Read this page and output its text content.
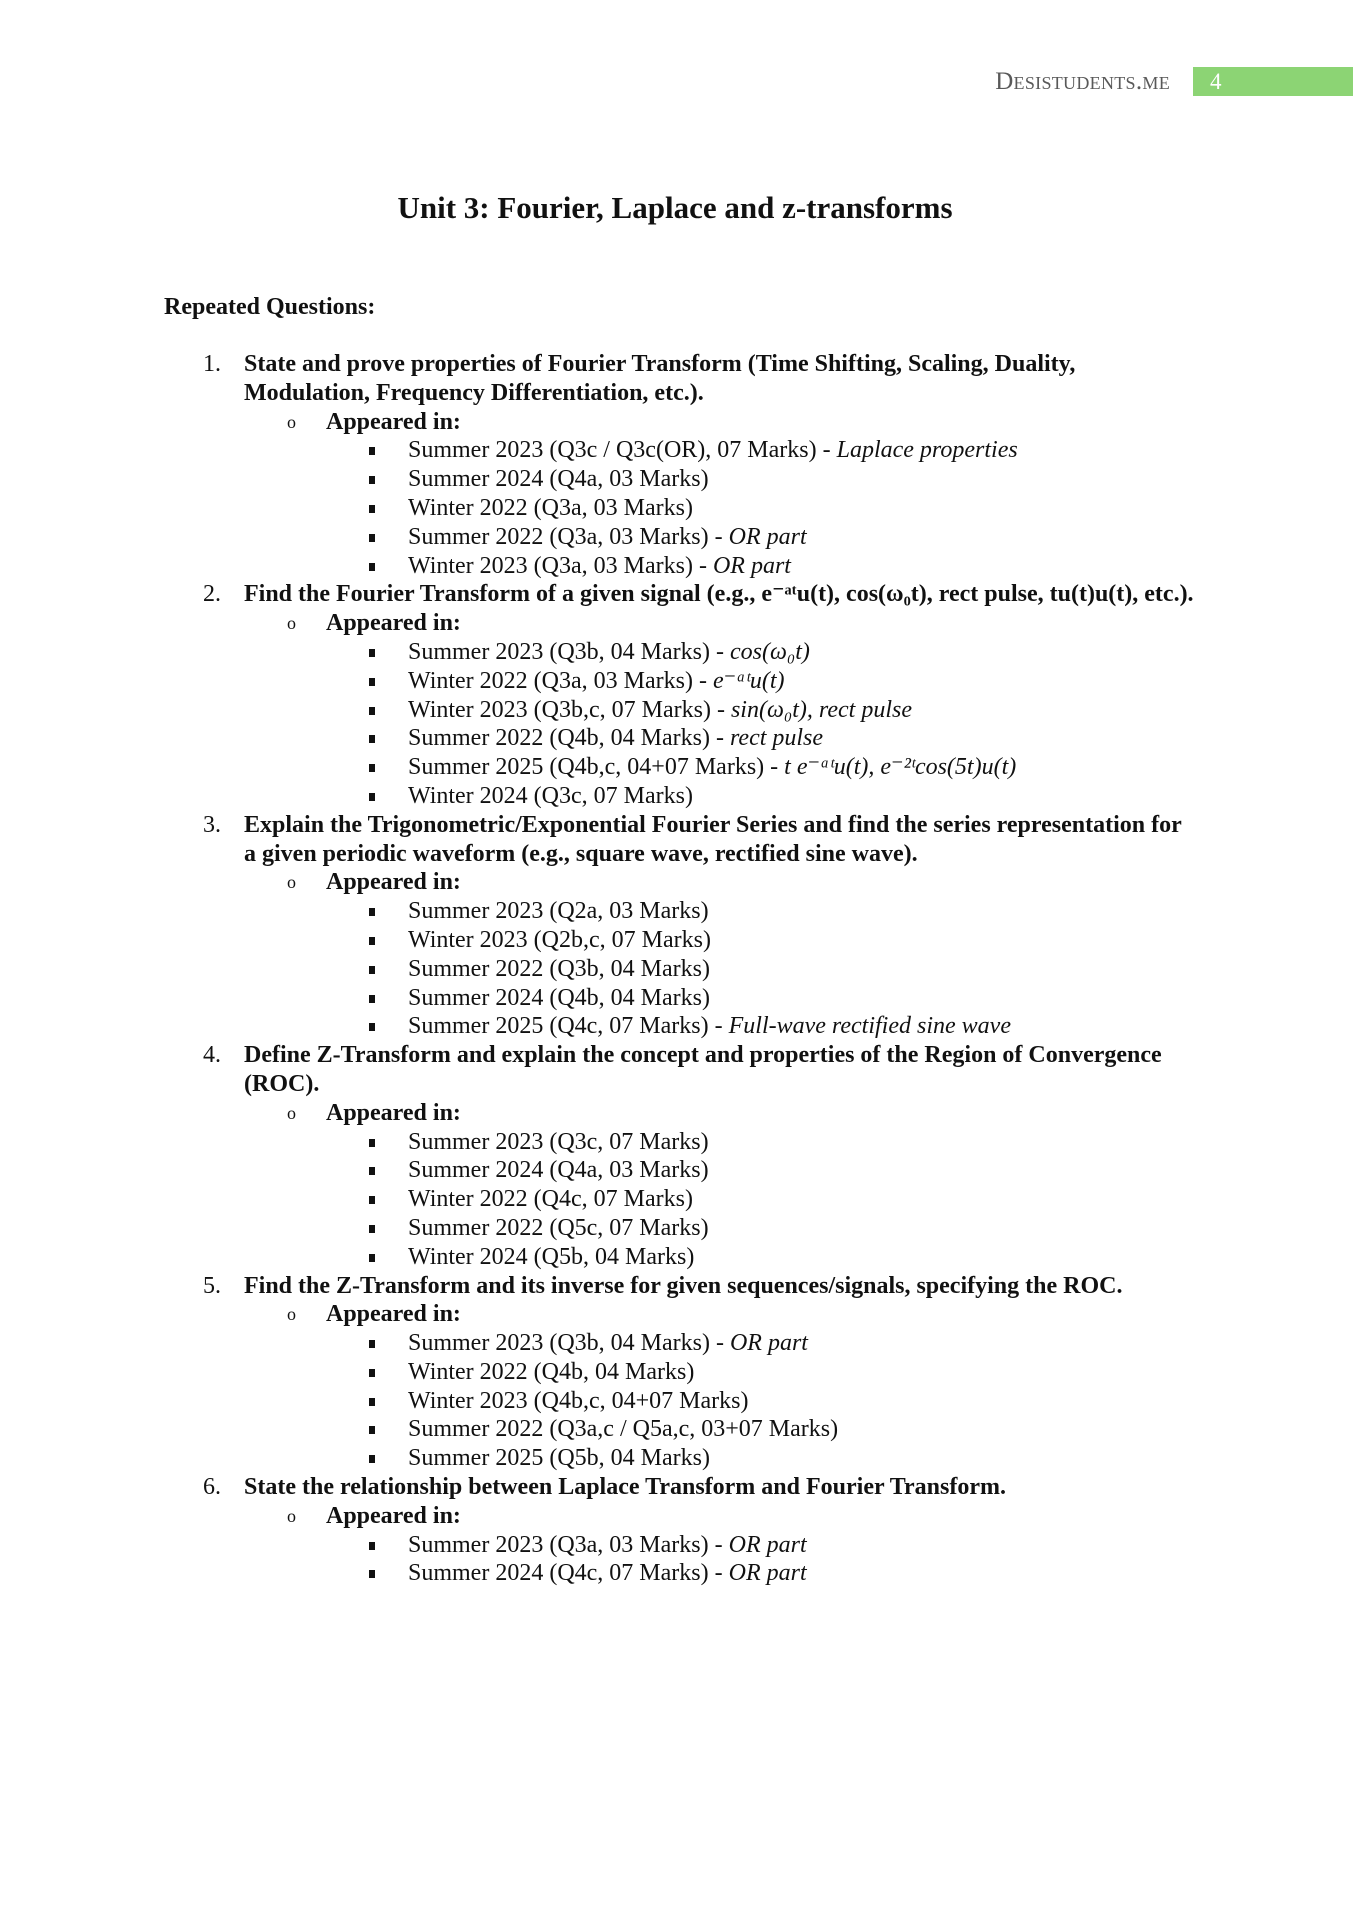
Desistudents.me	4
Unit 3: Fourier, Laplace and z-transforms
Repeated Questions:
1. State and prove properties of Fourier Transform (Time Shifting, Scaling, Duality, Modulation, Frequency Differentiation, etc.).
o Appeared in:
Summer 2023 (Q3c / Q3c(OR), 07 Marks) - Laplace properties
Summer 2024 (Q4a, 03 Marks)
Winter 2022 (Q3a, 03 Marks)
Summer 2022 (Q3a, 03 Marks) - OR part
Winter 2023 (Q3a, 03 Marks) - OR part
2. Find the Fourier Transform of a given signal (e.g., e⁻ᵃᵗu(t), cos(ω₀t), rect pulse, tu(t)u(t), etc.).
o Appeared in:
Summer 2023 (Q3b, 04 Marks) - cos(ω₀t)
Winter 2022 (Q3a, 03 Marks) - e⁻ᵃᵗu(t)
Winter 2023 (Q3b,c, 07 Marks) - sin(ω₀t), rect pulse
Summer 2022 (Q4b, 04 Marks) - rect pulse
Summer 2025 (Q4b,c, 04+07 Marks) - t e⁻ᵃᵗu(t), e⁻²ᵗcos(5t)u(t)
Winter 2024 (Q3c, 07 Marks)
3. Explain the Trigonometric/Exponential Fourier Series and find the series representation for a given periodic waveform (e.g., square wave, rectified sine wave).
o Appeared in:
Summer 2023 (Q2a, 03 Marks)
Winter 2023 (Q2b,c, 07 Marks)
Summer 2022 (Q3b, 04 Marks)
Summer 2024 (Q4b, 04 Marks)
Summer 2025 (Q4c, 07 Marks) - Full-wave rectified sine wave
4. Define Z-Transform and explain the concept and properties of the Region of Convergence (ROC).
o Appeared in:
Summer 2023 (Q3c, 07 Marks)
Summer 2024 (Q4a, 03 Marks)
Winter 2022 (Q4c, 07 Marks)
Summer 2022 (Q5c, 07 Marks)
Winter 2024 (Q5b, 04 Marks)
5. Find the Z-Transform and its inverse for given sequences/signals, specifying the ROC.
o Appeared in:
Summer 2023 (Q3b, 04 Marks) - OR part
Winter 2022 (Q4b, 04 Marks)
Winter 2023 (Q4b,c, 04+07 Marks)
Summer 2022 (Q3a,c / Q5a,c, 03+07 Marks)
Summer 2025 (Q5b, 04 Marks)
6. State the relationship between Laplace Transform and Fourier Transform.
o Appeared in:
Summer 2023 (Q3a, 03 Marks) - OR part
Summer 2024 (Q4c, 07 Marks) - OR part
